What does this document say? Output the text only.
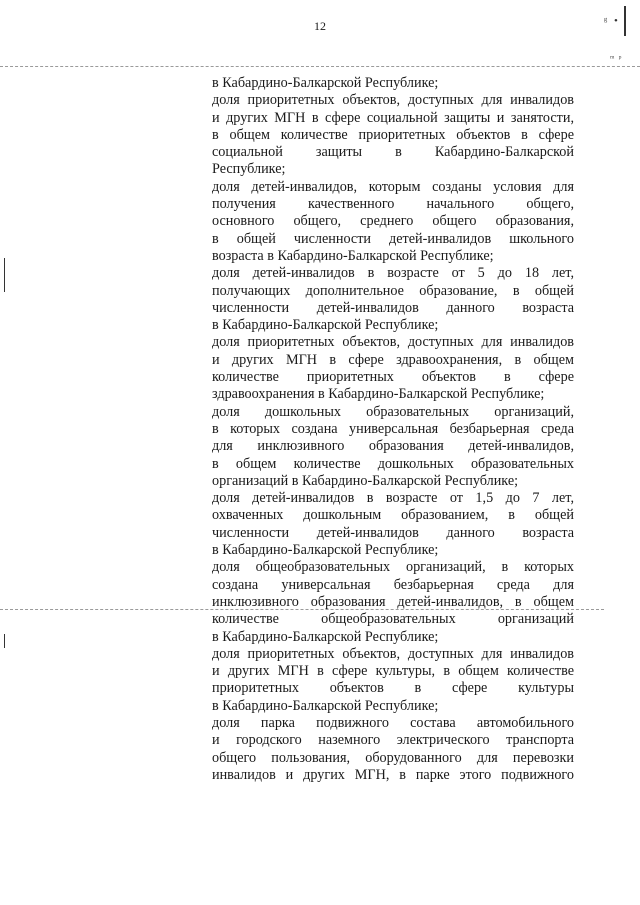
12	ᵍ •
ᵐ ᵖ
в Кабардино-Балкарской Республике;
доля приоритетных объектов, доступных для инвалидов
и других МГН в сфере социальной защиты и занятости,
в общем количестве приоритетных объектов в сфере
социальной защиты в Кабардино-Балкарской
Республике;
доля детей-инвалидов, которым созданы условия для
получения качественного начального общего,
основного общего, среднего общего образования,
в общей численности детей-инвалидов школьного
возраста в Кабардино-Балкарской Республике;
доля детей-инвалидов в возрасте от 5 до 18 лет,
получающих дополнительное образование, в общей
численности детей-инвалидов данного возраста
в Кабардино-Балкарской Республике;
доля приоритетных объектов, доступных для инвалидов
и других МГН в сфере здравоохранения, в общем
количестве приоритетных объектов в сфере
здравоохранения в Кабардино-Балкарской Республике;
доля дошкольных образовательных организаций,
в которых создана универсальная безбарьерная среда
для инклюзивного образования детей-инвалидов,
в общем количестве дошкольных образовательных
организаций в Кабардино-Балкарской Республике;
доля детей-инвалидов в возрасте от 1,5 до 7 лет,
охваченных дошкольным образованием, в общей
численности детей-инвалидов данного возраста
в Кабардино-Балкарской Республике;
доля общеобразовательных организаций, в которых
создана универсальная безбарьерная среда для
инклюзивного образования детей-инвалидов, в общем
количестве общеобразовательных организаций
в Кабардино-Балкарской Республике;
доля приоритетных объектов, доступных для инвалидов
и других МГН в сфере культуры, в общем количестве
приоритетных объектов в сфере культуры
в Кабардино-Балкарской Республике;
доля парка подвижного состава автомобильного
и городского наземного электрического транспорта
общего пользования, оборудованного для перевозки
инвалидов и других МГН, в парке этого подвижного
